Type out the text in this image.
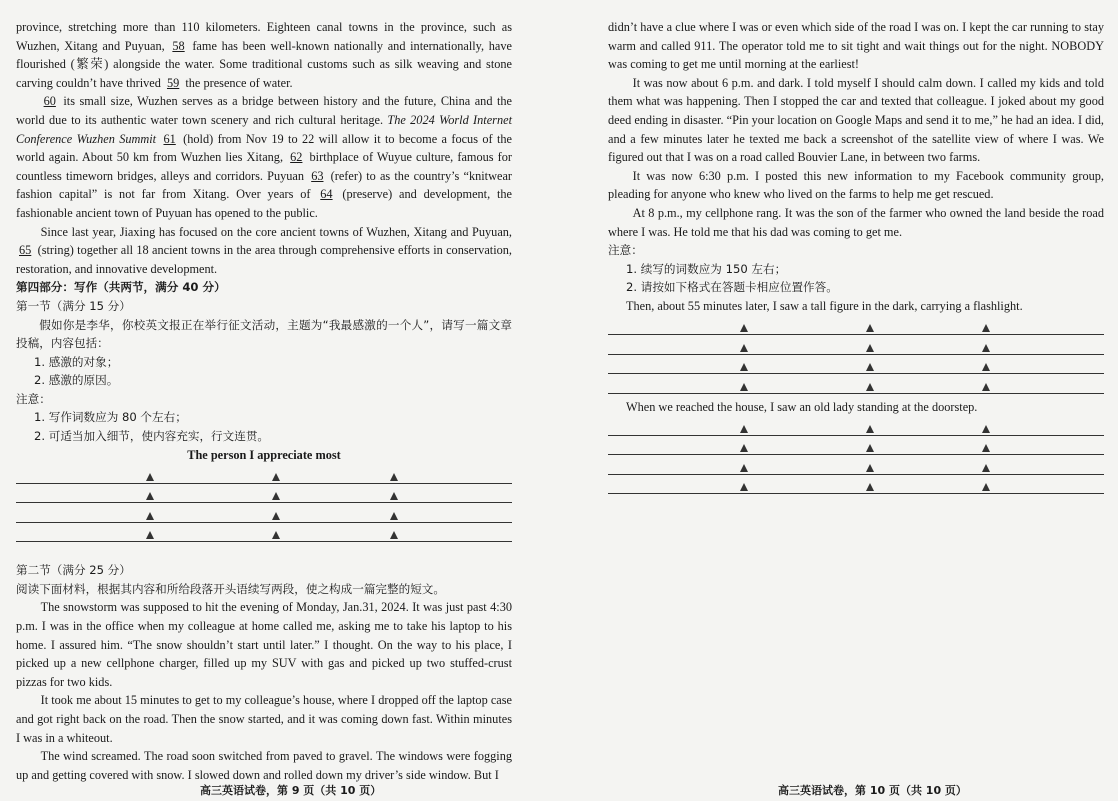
province, stretching more than 110 kilometers. Eighteen canal towns in the province, such as Wuzhen, Xitang and Puyuan, 58 fame has been well-known nationally and internationally, have flourished (繁荣) alongside the water. Some traditional customs such as silk weaving and stone carving couldn’t have thrived 59 the presence of water.

60 its small size, Wuzhen serves as a bridge between history and the future, China and the world due to its authentic water town scenery and rich cultural heritage. The 2024 World Internet Conference Wuzhen Summit 61 (hold) from Nov 19 to 22 will allow it to become a focus of the world again. About 50 km from Wuzhen lies Xitang, 62 birthplace of Wuyue culture, famous for countless timeworn bridges, alleys and corridors. Puyuan 63 (refer) to as the country’s “knitwear fashion capital” is not far from Xitang. Over years of 64 (preserve) and development, the fashionable ancient town of Puyuan has opened to the public.

Since last year, Jiaxing has focused on the core ancient towns of Wuzhen, Xitang and Puyuan, 65 (string) together all 18 ancient towns in the area through comprehensive efforts in conservation, restoration, and innovative development.

第四部分：写作（共两节，满分 40 分）

第一节（满分 15 分）

假如你是李华，你校英文报正在举行征文活动，主题为“我最感激的一个人”，请写一篇文章投稿，内容包括：

1. 感激的对象；

2. 感激的原因。

注意：

1. 写作词数应为 80 个左右；

2. 可适当加入细节，使内容充实，行文连贯。

The person I appreciate most

第二节（满分 25 分）

阅读下面材料，根据其内容和所给段落开头语续写两段，使之构成一篇完整的短文。

The snowstorm was supposed to hit the evening of Monday, Jan.31, 2024. It was just past 4:30 p.m. I was in the office when my colleague at home called me, asking me to take his laptop to his home. I assured him. “The snow shouldn’t start until later.” I thought. On the way to his place, I picked up a new cellphone charger, filled up my SUV with gas and picked up two stuffed-crust pizzas for two kids.

It took me about 15 minutes to get to my colleague’s house, where I dropped off the laptop case and got right back on the road. Then the snow started, and it was coming down fast. Within minutes I was in a whiteout.

The wind screamed. The road soon switched from paved to gravel. The windows were fogging up and getting covered with snow. I slowed down and rolled down my driver’s side window. But I

didn’t have a clue where I was or even which side of the road I was on. I kept the car running to stay warm and called 911. The operator told me to sit tight and wait things out for the night. NOBODY was coming to get me until morning at the earliest!

It was now about 6 p.m. and dark. I told myself I should calm down. I called my kids and told them what was happening. Then I stopped the car and texted that colleague. I joked about my good deed ending in disaster. “Pin your location on Google Maps and send it to me,” he had an idea. I did, and a few minutes later he texted me back a screenshot of the satellite view of where I was. We figured out that I was on a road called Bouvier Lane, in between two farms.

It was now 6:30 p.m. I posted this new information to my Facebook community group, pleading for anyone who knew who lived on the farms to help me get rescued.

At 8 p.m., my cellphone rang. It was the son of the farmer who owned the land beside the road where I was. He told me that his dad was coming to get me.

注意：

1. 续写的词数应为 150 左右；

2. 请按如下格式在答题卡相应位置作答。

Then, about 55 minutes later, I saw a tall figure in the dark, carrying a flashlight.

When we reached the house, I saw an old lady standing at the doorstep.

高三英语试卷，第 9 页（共 10 页）	高三英语试卷，第 10 页（共 10 页）
